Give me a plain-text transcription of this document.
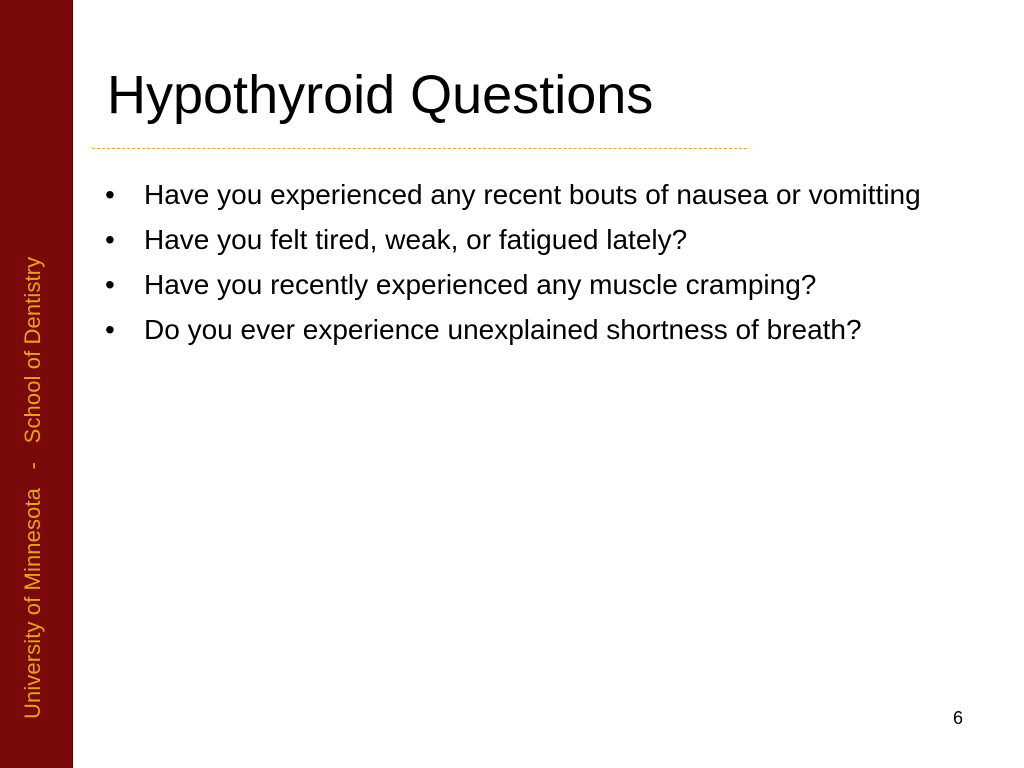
University of Minnesota   -   School of Dentistry
Hypothyroid Questions
• Have you experienced any recent bouts of nausea or vomitting
• Have you felt tired, weak, or fatigued lately?
• Have you recently experienced any muscle cramping?
• Do you ever experience unexplained shortness of breath?
6
